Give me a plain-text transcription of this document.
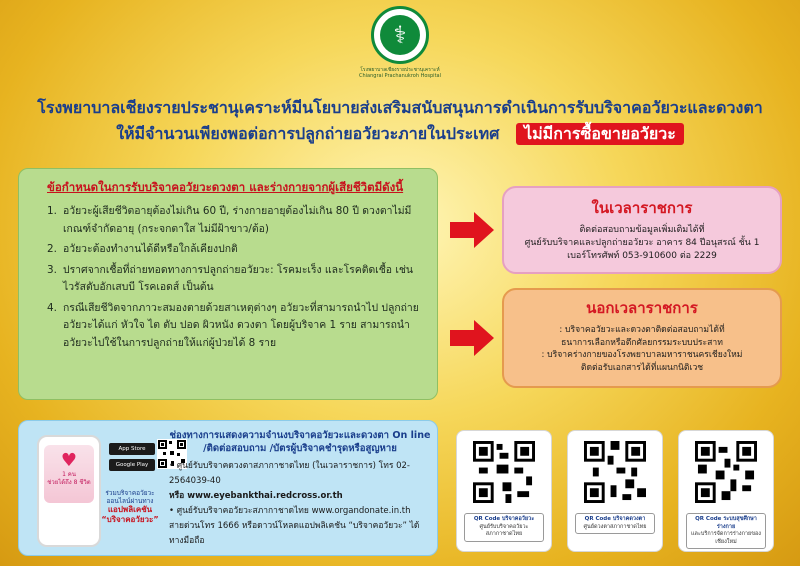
⚕
โรงพยาบาลเชียงรายประชานุเคราะห์
Chiangrai Prachanukroh Hospital
โรงพยาบาลเชียงรายประชานุเคราะห์มีนโยบายส่งเสริมสนับสนุนการดำเนินการรับบริจาคอวัยวะและดวงตา
ให้มีจำนวนเพียงพอต่อการปลูกถ่ายอวัยวะภายในประเทศ ไม่มีการซื้อขายอวัยวะ
ข้อกำหนดในการรับบริจาคอวัยวะดวงตา และร่างกายจากผู้เสียชีวิตมีดังนี้
1. อวัยวะผู้เสียชีวิตอายุต้องไม่เกิน 60 ปี, ร่างกายอายุต้องไม่เกิน 80 ปี ดวงตาไม่มีเกณฑ์จำกัดอายุ (กระจกตาใส ไม่มีฝ้าขาว/ต้อ)
2. อวัยวะต้องทำงานได้ดีหรือใกล้เคียงปกติ
3. ปราศจากเชื้อที่ถ่ายทอดทางการปลูกถ่ายอวัยวะ: โรคมะเร็ง และโรคติดเชื้อ เช่น ไวรัสตับอักเสบบี โรคเอดส์ เป็นต้น
4. กรณีเสียชีวิตจากภาวะสมองตายด้วยสาเหตุต่างๆ อวัยวะที่สามารถนำไป ปลูกถ่ายอวัยวะได้แก่ หัวใจ ไต ตับ ปอด ผิวหนัง ดวงตา โดยผู้บริจาค 1 ราย สามารถนำอวัยวะไปใช้ในการปลูกถ่ายให้แก่ผู้ป่วยได้ 8 ราย
ในเวลาราชการ
ติดต่อสอบถามข้อมูลเพิ่มเติมได้ที่
ศูนย์รับบริจาคและปลูกถ่ายอวัยวะ อาคาร 84 ปีอนุสรณ์ ชั้น 1
เบอร์โทรศัพท์ 053-910600 ต่อ 2229
นอกเวลาราชการ
: บริจาคอวัยวะและดวงตาติดต่อสอบถามได้ที่
ธนาการเลือกหรือตึกศัลยกรรมระบบประสาท
: บริจาคร่างกายของโรงพยาบาลมหาราชนครเชียงใหม่
ติดต่อรับเอกสารได้ที่แผนกนิติเวช
♥
1 คน
ช่วยได้ถึง 8 ชีวิต
App Store
Google Play
ร่วมบริจาคอวัยวะ
ออนไลน์ผ่านทาง
แอปพลิเคชัน
“บริจาคอวัยวะ”
ช่องทางการแสดงความจำนงบริจาคอวัยวะและดวงตา On line
/ติดต่อสอบถาม /บัตรผู้บริจาคชำรุดหรือสูญหาย
• ศูนย์รับบริจาคดวงตาสภากาชาดไทย (ในเวลาราชการ) โทร 02-2564039-40
หรือ www.eyebankthai.redcross.or.th
• ศูนย์รับบริจาคอวัยวะสภากาชาดไทย www.organdonate.in.th
สายด่วนโทร 1666 หรือดาวน์โหลดแอปพลิเคชัน “บริจาคอวัยวะ” ได้ทางมือถือ
QR Code บริจาคอวัยวะ
ศูนย์รับบริจาคอวัยวะสภากาชาดไทย
QR Code บริจาคดวงตา
ศูนย์ดวงตาสภากาชาดไทย
QR Code ระบบสุขศึกษาร่างกาย
และบริการจัดการร่างกายของเชียงใหม่
